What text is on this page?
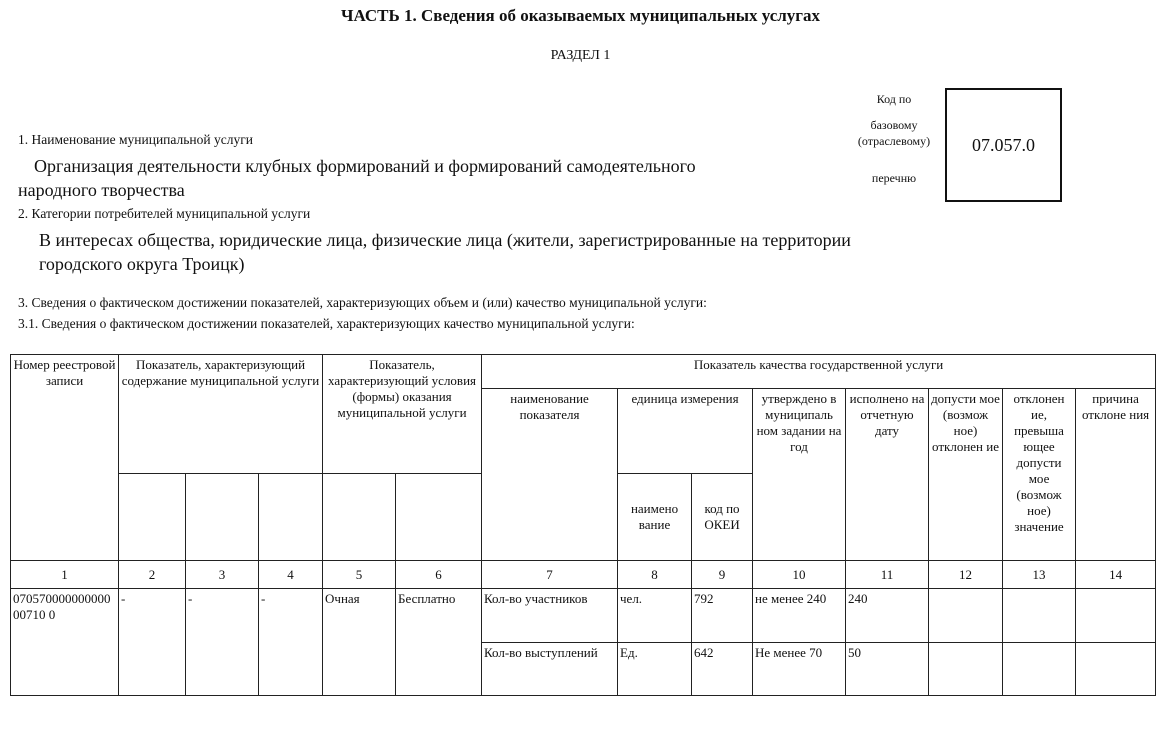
ЧАСТЬ 1. Сведения об оказываемых муниципальных услугах
РАЗДЕЛ 1
Код по
базовому
(отраслевому)
перечню
07.057.0
1. Наименование муниципальной услуги
Организация деятельности клубных формирований и формирований самодеятельного
народного творчества
2. Категории потребителей муниципальной услуги
В интересах общества, юридические лица, физические лица (жители, зарегистрированные на территории
городского округа Троицк)
3. Сведения о фактическом достижении показателей, характеризующих объем и (или) качество муниципальной услуги:
3.1. Сведения о фактическом достижении показателей, характеризующих качество муниципальной услуги:
Номер реестровой записи	Показатель, характеризующий содержание муниципальной услуги			Показатель, характеризующий условия (формы) оказания муниципальной услуги		Показатель качества государственной услуги							
						наименование показателя	единица измерения		утверждено в муниципаль ном задании на год	исполнено на отчетную дату	допусти мое (возмож ное) отклонен ие	отклонен ие, превыша ющее допусти мое (возмож ное) значение	причина отклоне ния
							наимено вание	код по ОКЕИ					
1	2	3	4	5	6	7	8	9	10	11	12	13	14
07057000000000000710 0	-	-	-	Очная	Бесплатно	Кол-во участников	чел.	792	не менее 240	240			
						Кол-во выступлений	Ед.	642	Не менее 70	50			
